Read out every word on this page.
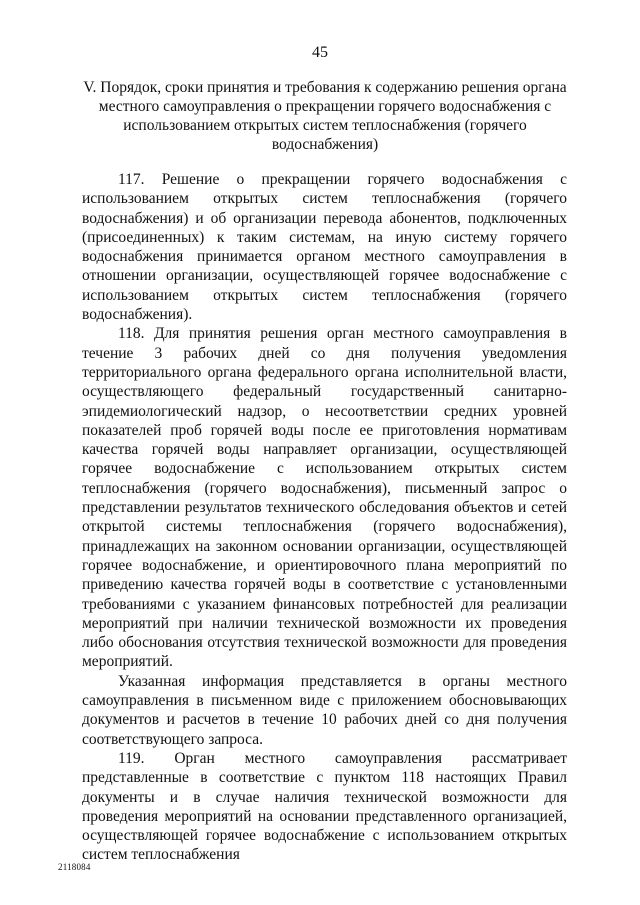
45
V. Порядок, сроки принятия и требования к содержанию решения органа местного самоуправления о прекращении горячего водоснабжения с использованием открытых систем теплоснабжения (горячего водоснабжения)

117. Решение о прекращении горячего водоснабжения с использованием открытых систем теплоснабжения (горячего водоснабжения) и об организации перевода абонентов, подключенных (присоединенных) к таким системам, на иную систему горячего водоснабжения принимается органом местного самоуправления в отношении организации, осуществляющей горячее водоснабжение с использованием открытых систем теплоснабжения (горячего водоснабжения).

118. Для принятия решения орган местного самоуправления в течение 3 рабочих дней со дня получения уведомления территориального органа федерального органа исполнительной власти, осуществляющего федеральный государственный санитарно-эпидемиологический надзор, о несоответствии средних уровней показателей проб горячей воды после ее приготовления нормативам качества горячей воды направляет организации, осуществляющей горячее водоснабжение с использованием открытых систем теплоснабжения (горячего водоснабжения), письменный запрос о представлении результатов технического обследования объектов и сетей открытой системы теплоснабжения (горячего водоснабжения), принадлежащих на законном основании организации, осуществляющей горячее водоснабжение, и ориентировочного плана мероприятий по приведению качества горячей воды в соответствие с установленными требованиями с указанием финансовых потребностей для реализации мероприятий при наличии технической возможности их проведения либо обоснования отсутствия технической возможности для проведения мероприятий.

Указанная информация представляется в органы местного самоуправления в письменном виде с приложением обосновывающих документов и расчетов в течение 10 рабочих дней со дня получения соответствующего запроса.

119. Орган местного самоуправления рассматривает представленные в соответствие с пунктом 118 настоящих Правил документы и в случае наличия технической возможности для проведения мероприятий на основании представленного организацией, осуществляющей горячее водоснабжение с использованием открытых систем теплоснабжения

2118084
